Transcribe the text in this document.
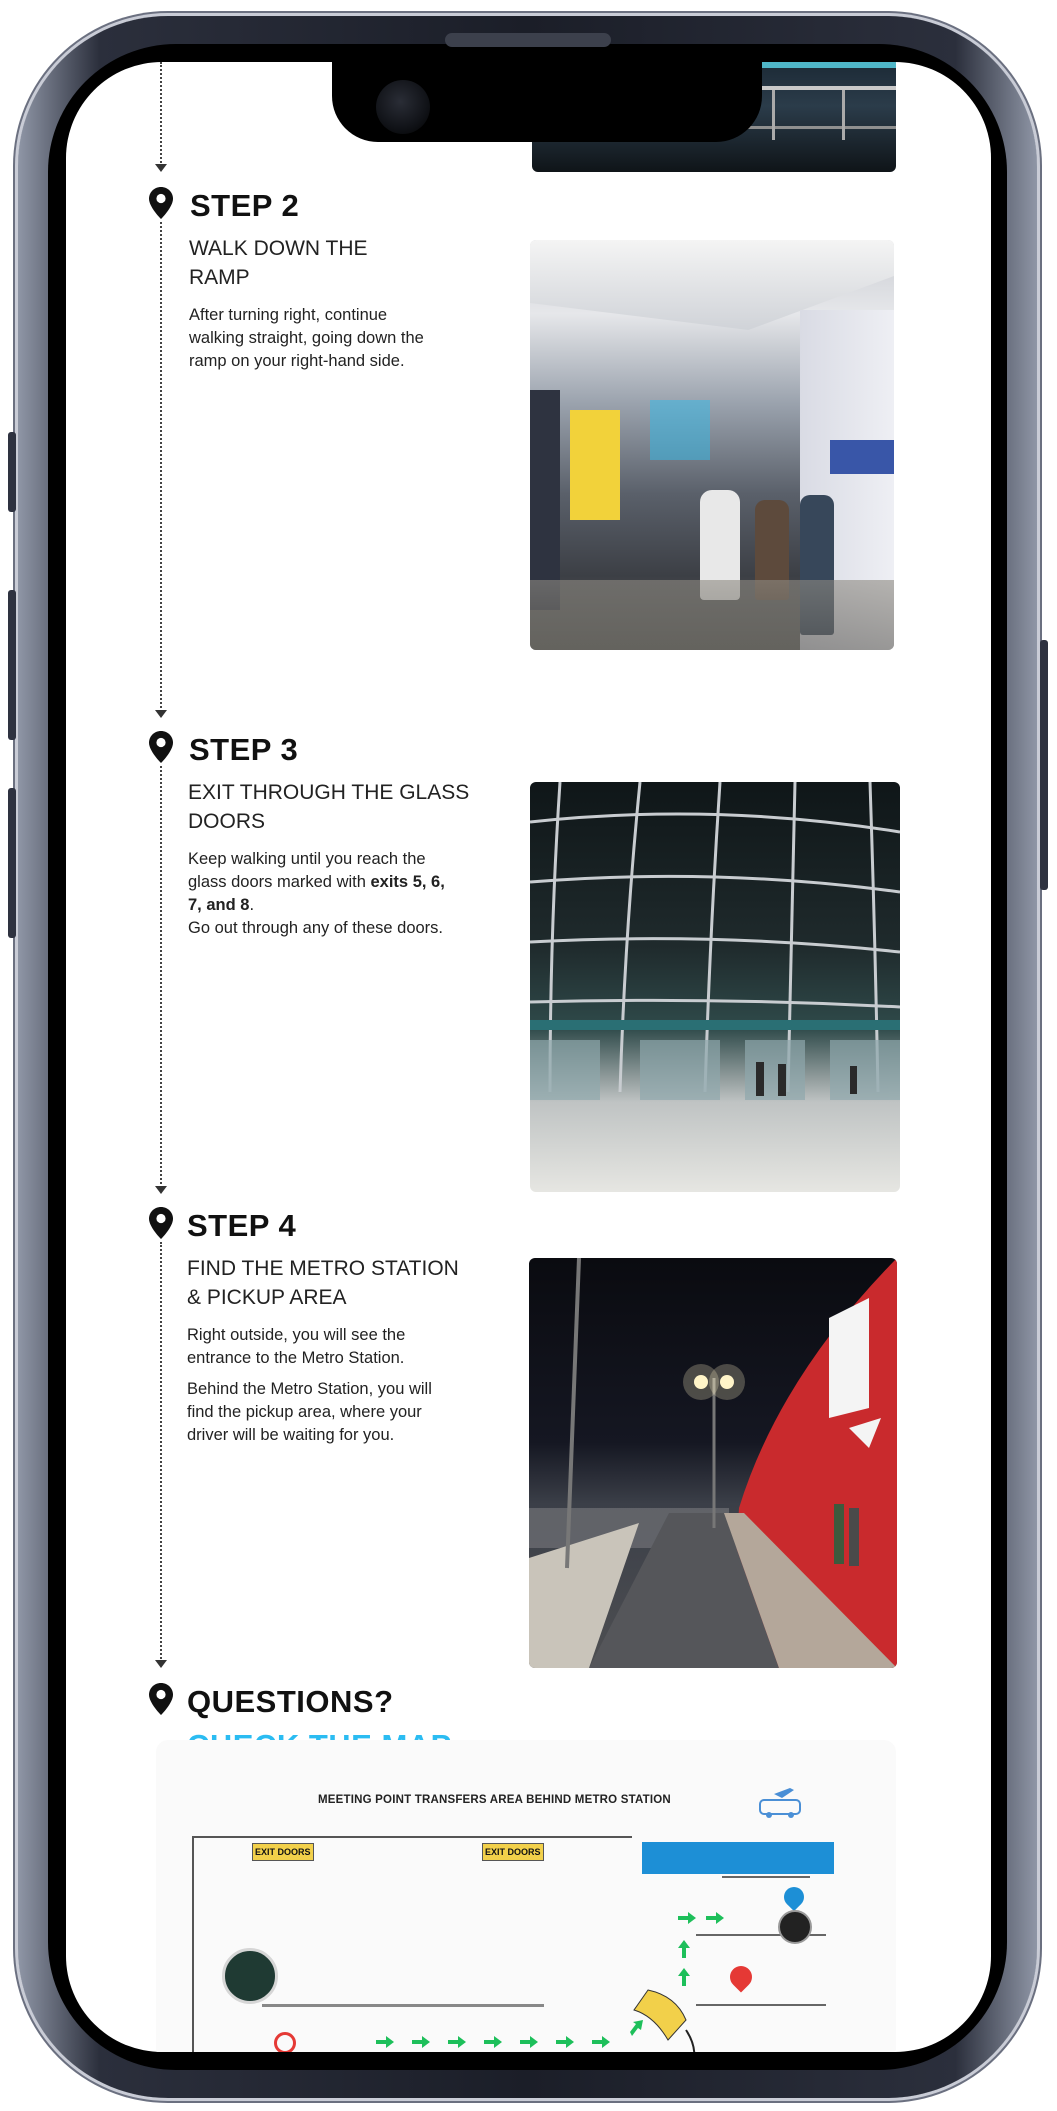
STEP 2
WALK DOWN THE
RAMP
After turning right, continue
walking straight, going down the
ramp on your right-hand side.
STEP 3
EXIT THROUGH THE GLASS
DOORS
Keep walking until you reach the
glass doors marked with exits 5, 6,
7, and 8.
Go out through any of these doors.
STEP 4
FIND THE METRO STATION
& PICKUP AREA
Right outside, you will see the
entrance to the Metro Station.
Behind the Metro Station, you will
find the pickup area, where your
driver will be waiting for you.
QUESTIONS?
MEETING POINT TRANSFERS AREA BEHIND METRO STATION
EXIT DOORS	EXIT DOORS
